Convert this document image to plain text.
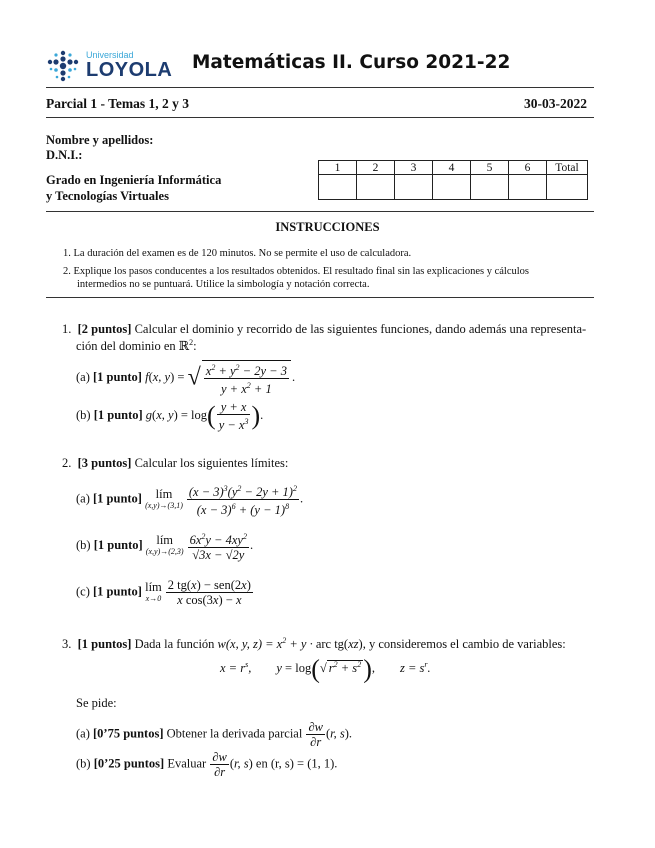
Universidad
LOYOLA Matemáticas II. Curso 2021-22
Parcial 1 - Temas 1, 2 y 3	30-03-2022
Nombre y apellidos:
D.N.I.:
Grado en Ingeniería Informática
y Tecnologías Virtuales
1	2	3	4	5	6	Total

INSTRUCCIONES
1. La duración del examen es de 120 minutos. No se permite el uso de calculadora.
2. Explique los pasos conducentes a los resultados obtenidos. El resultado final sin las explicaciones y cálculos
intermedios no se puntuará. Utilice la simbología y notación correcta.
1. [2 puntos] Calcular el dominio y recorrido de las siguientes funciones, dando además una representa-
ción del dominio en ℝ$^2$:
(a) [1 punto] f(x, y) = √ $\frac{x^2 + y^2 - 2y - 3}{y + x^2 + 1}$ .
(b) [1 punto] g(x, $y) = \log( \frac{y + x}{y - x^3}$ ).
2. [3 puntos] Calcular los siguientes límites:
(a) [1 punto] lím
$(x,y)\to(3,1) \frac{(x - 3)^3(y^2 - 2y + 1)^2}{(x - 3)^6 + (y - 1)^8}$ .
(b) [1 punto] lím
$(x,y)\to(2,3) \frac{6x^2y - 4xy^2}{√3x - √2y}$ .
(c) [1 punto] lím
$x\to 0 \frac{\text{2 tg(x) − sen(2x)}}{\text{x cos(3x) − x}}$
3. [1 puntos] Dada la función w(x, y, $z) = x^2 + y$ · arc tg(xz), y consideremos el cambio de variables:
$x = r^s$, y = log(√ $r^2 + s^2$),        $z = s^r$.
Se pide:
(a) [0’75 puntos] Obtener la derivada parcial $\frac{\partial w}{\partial r} (r$, s).
(b) [0’25 puntos] Evaluar $\frac{\partial w}{\partial r} (r$, s) en (r, s) = (1, 1).
